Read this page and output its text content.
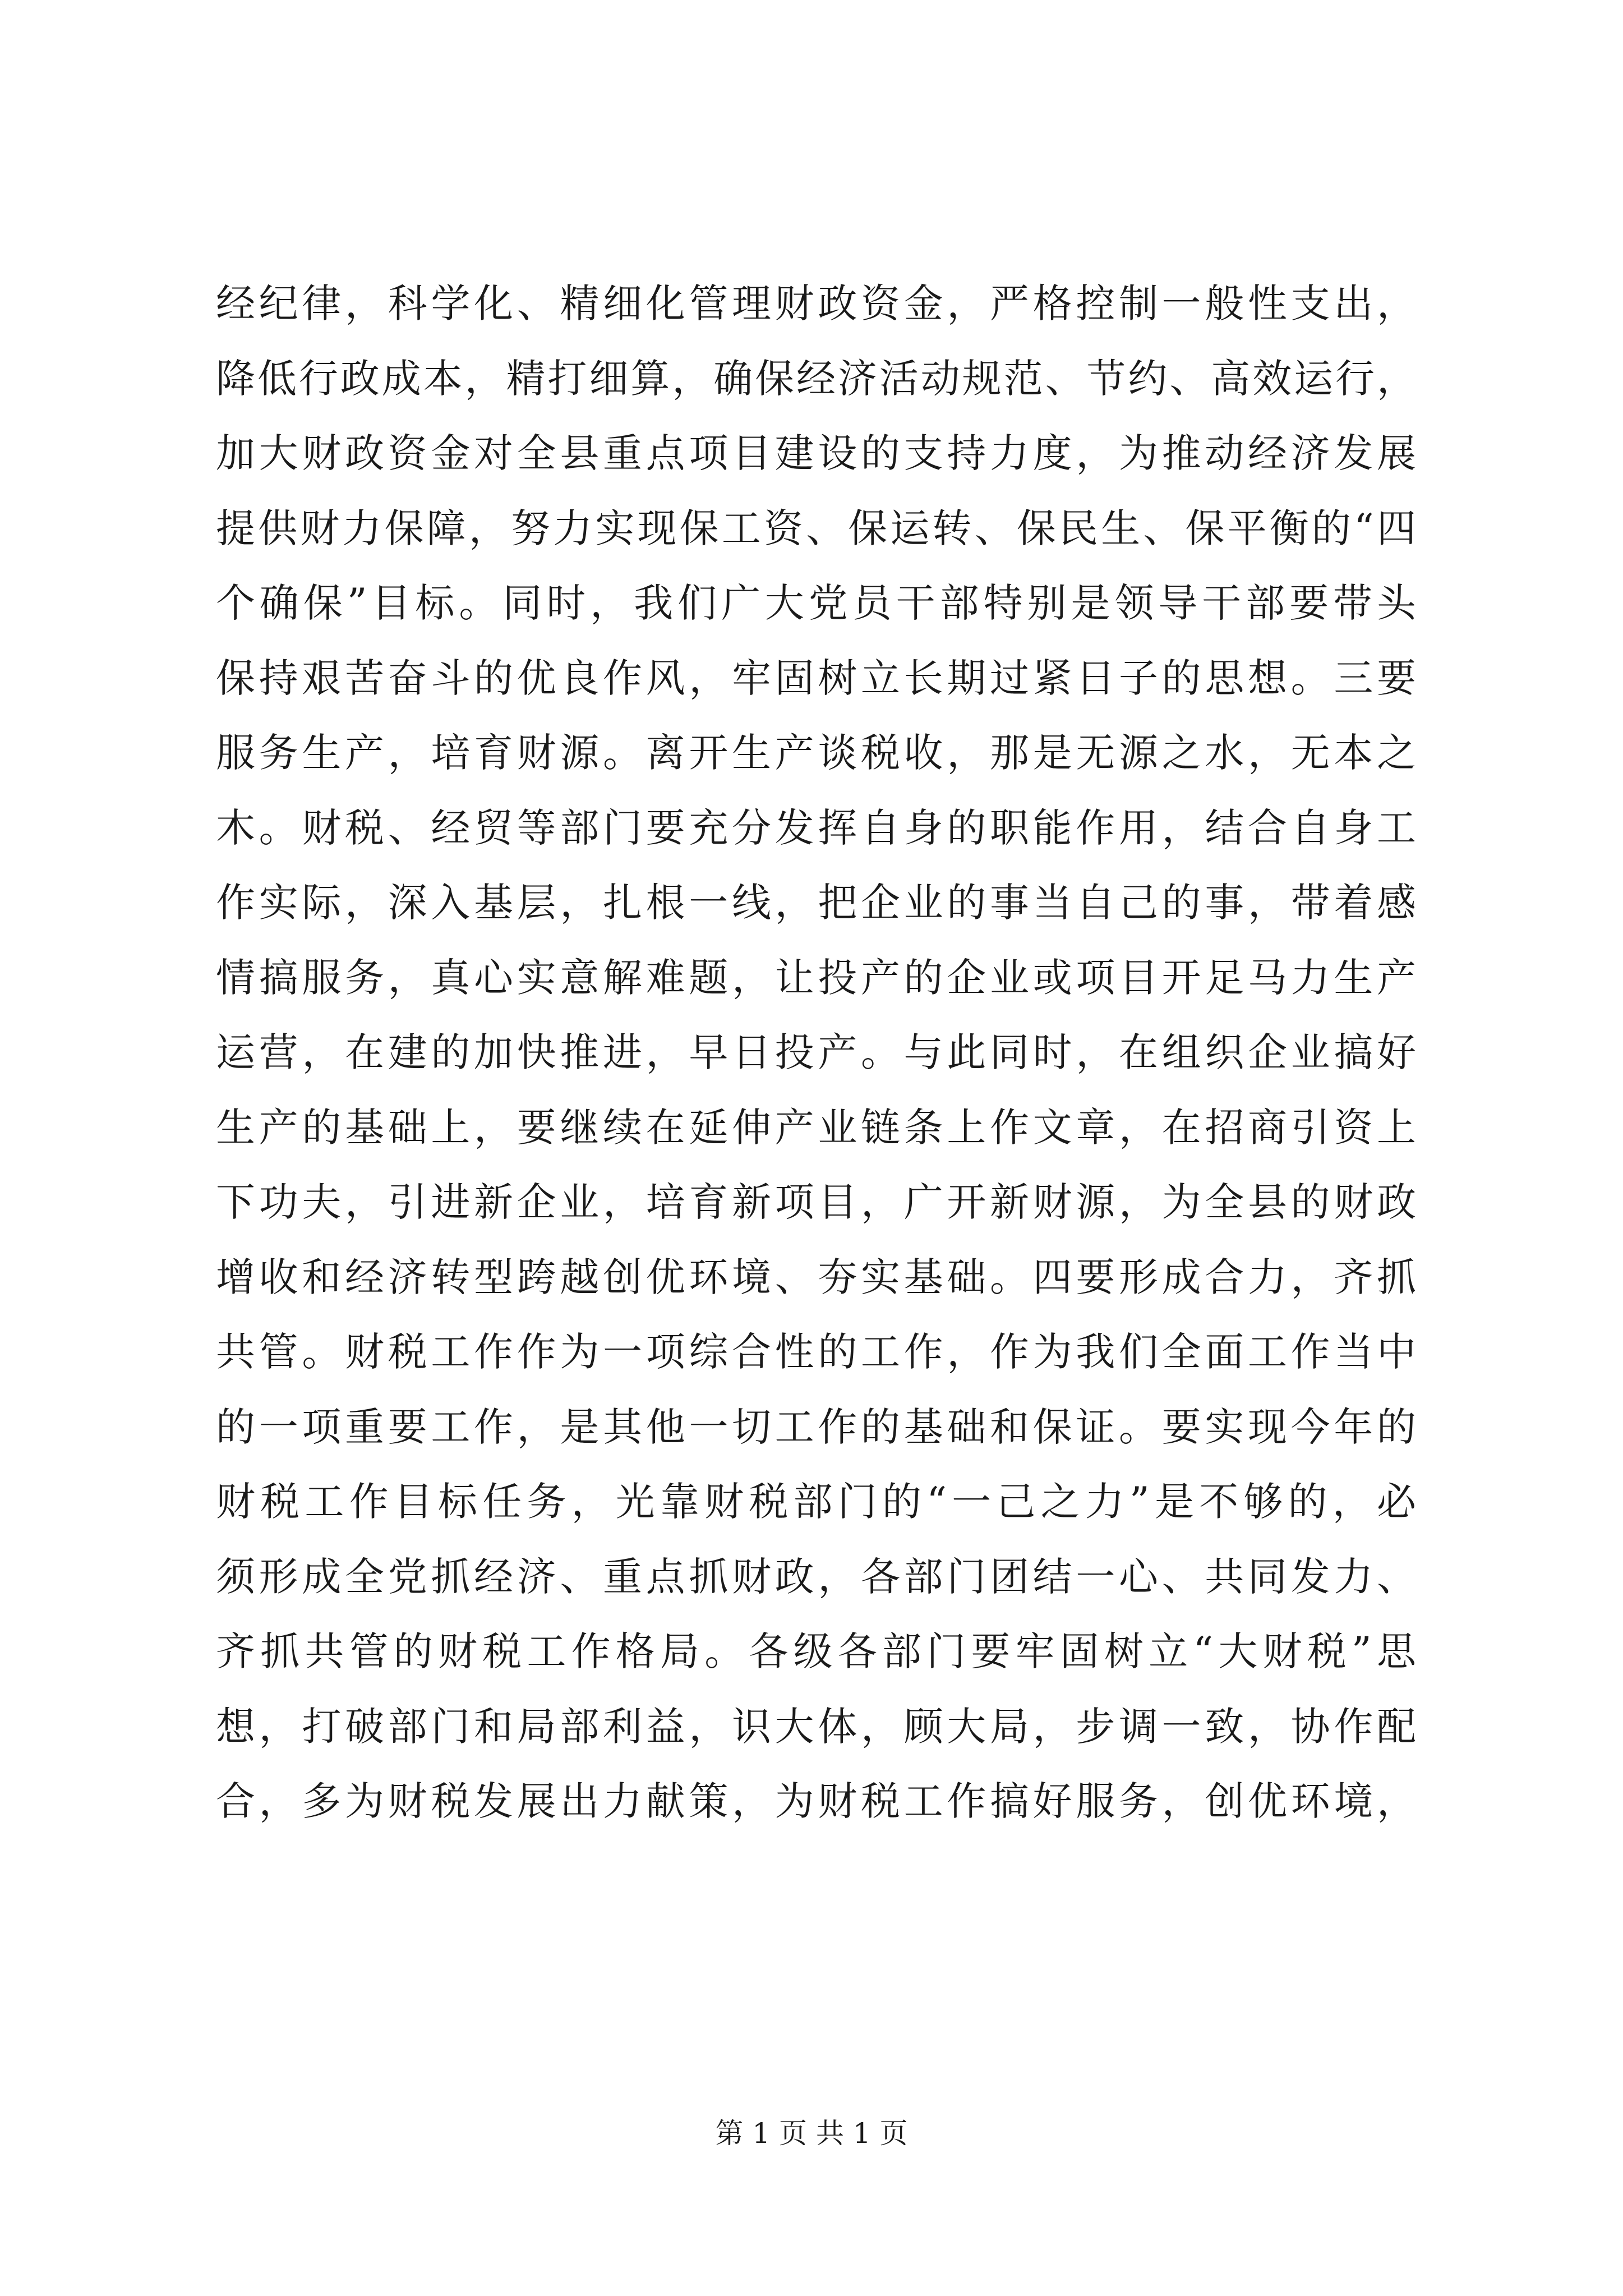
经纪律，科学化、精细化管理财政资金，严格控制一般性支出，
降低行政成本，精打细算，确保经济活动规范、节约、高效运行，
加大财政资金对全县重点项目建设的支持力度，为推动经济发展
提供财力保障，努力实现保工资、保运转、保民生、保平衡的“四
个确保”目标。同时，我们广大党员干部特别是领导干部要带头
保持艰苦奋斗的优良作风，牢固树立长期过紧日子的思想。三要
服务生产，培育财源。离开生产谈税收，那是无源之水，无本之
木。财税、经贸等部门要充分发挥自身的职能作用，结合自身工
作实际，深入基层，扎根一线，把企业的事当自己的事，带着感
情搞服务，真心实意解难题，让投产的企业或项目开足马力生产
运营，在建的加快推进，早日投产。与此同时，在组织企业搞好
生产的基础上，要继续在延伸产业链条上作文章，在招商引资上
下功夫，引进新企业，培育新项目，广开新财源，为全县的财政
增收和经济转型跨越创优环境、夯实基础。四要形成合力，齐抓
共管。财税工作作为一项综合性的工作，作为我们全面工作当中
的一项重要工作，是其他一切工作的基础和保证。要实现今年的
财税工作目标任务，光靠财税部门的“一己之力”是不够的，必
须形成全党抓经济、重点抓财政，各部门团结一心、共同发力、
齐抓共管的财税工作格局。各级各部门要牢固树立“大财税”思
想，打破部门和局部利益，识大体，顾大局，步调一致，协作配
合，多为财税发展出力献策，为财税工作搞好服务，创优环境，
第 1 页 共 1 页
